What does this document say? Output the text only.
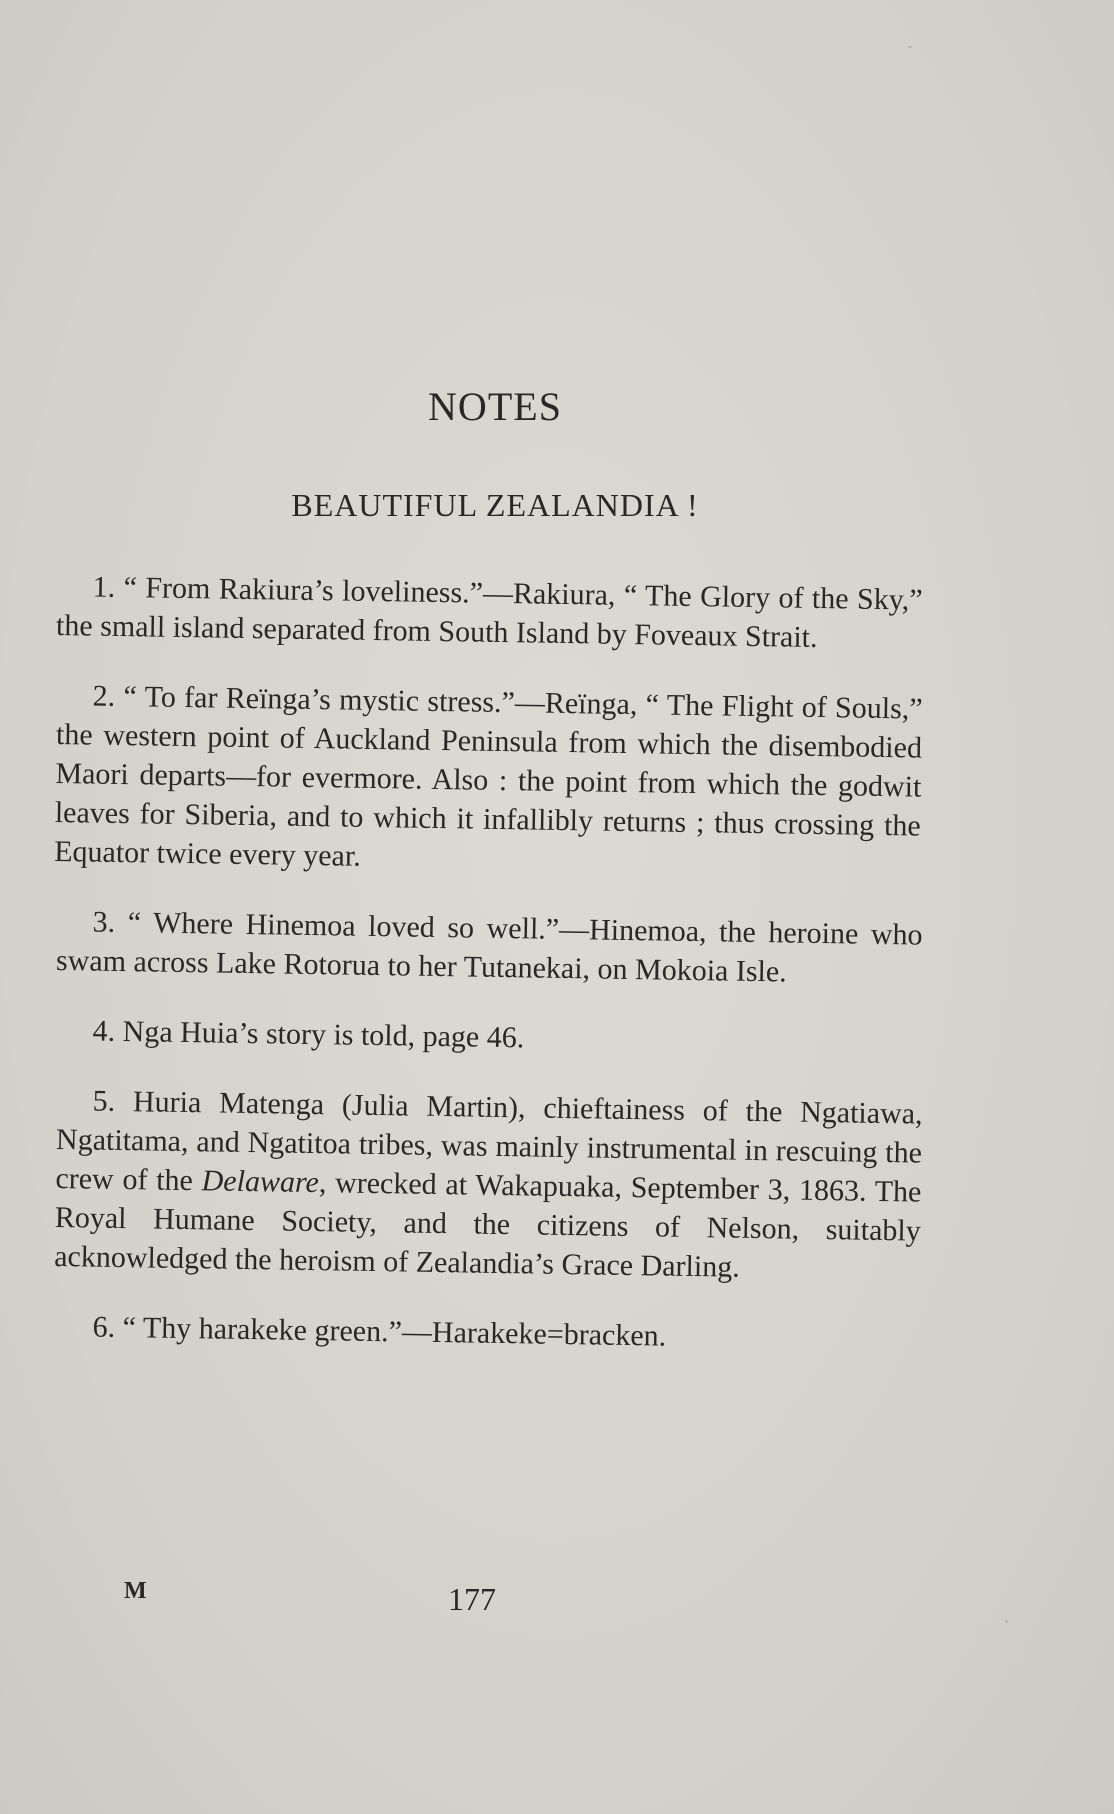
NOTES
BEAUTIFUL ZEALANDIA !

1. “ From Rakiura’s loveliness.”—Rakiura, “ The Glory of the Sky,” the small island separated from South Island by Foveaux Strait.

2. “ To far Reïnga’s mystic stress.”—Reïnga, “ The Flight of Souls,” the western point of Auckland Peninsula from which the disembodied Maori departs—for evermore. Also : the point from which the godwit leaves for Siberia, and to which it infallibly returns ; thus crossing the Equator twice every year.

3. “ Where Hinemoa loved so well.”—Hinemoa, the heroine who swam across Lake Rotorua to her Tutanekai, on Mokoia Isle.

4. Nga Huia’s story is told, page 46.

5. Huria Matenga (Julia Martin), chieftainess of the Ngatiawa, Ngatitama, and Ngatitoa tribes, was mainly instrumental in rescuing the crew of the Delaware, wrecked at Wakapuaka, September 3, 1863. The Royal Humane Society, and the citizens of Nelson, suitably acknowledged the heroism of Zealandia’s Grace Darling.

6. “ Thy harakeke green.”—Harakeke=bracken.

M	177
